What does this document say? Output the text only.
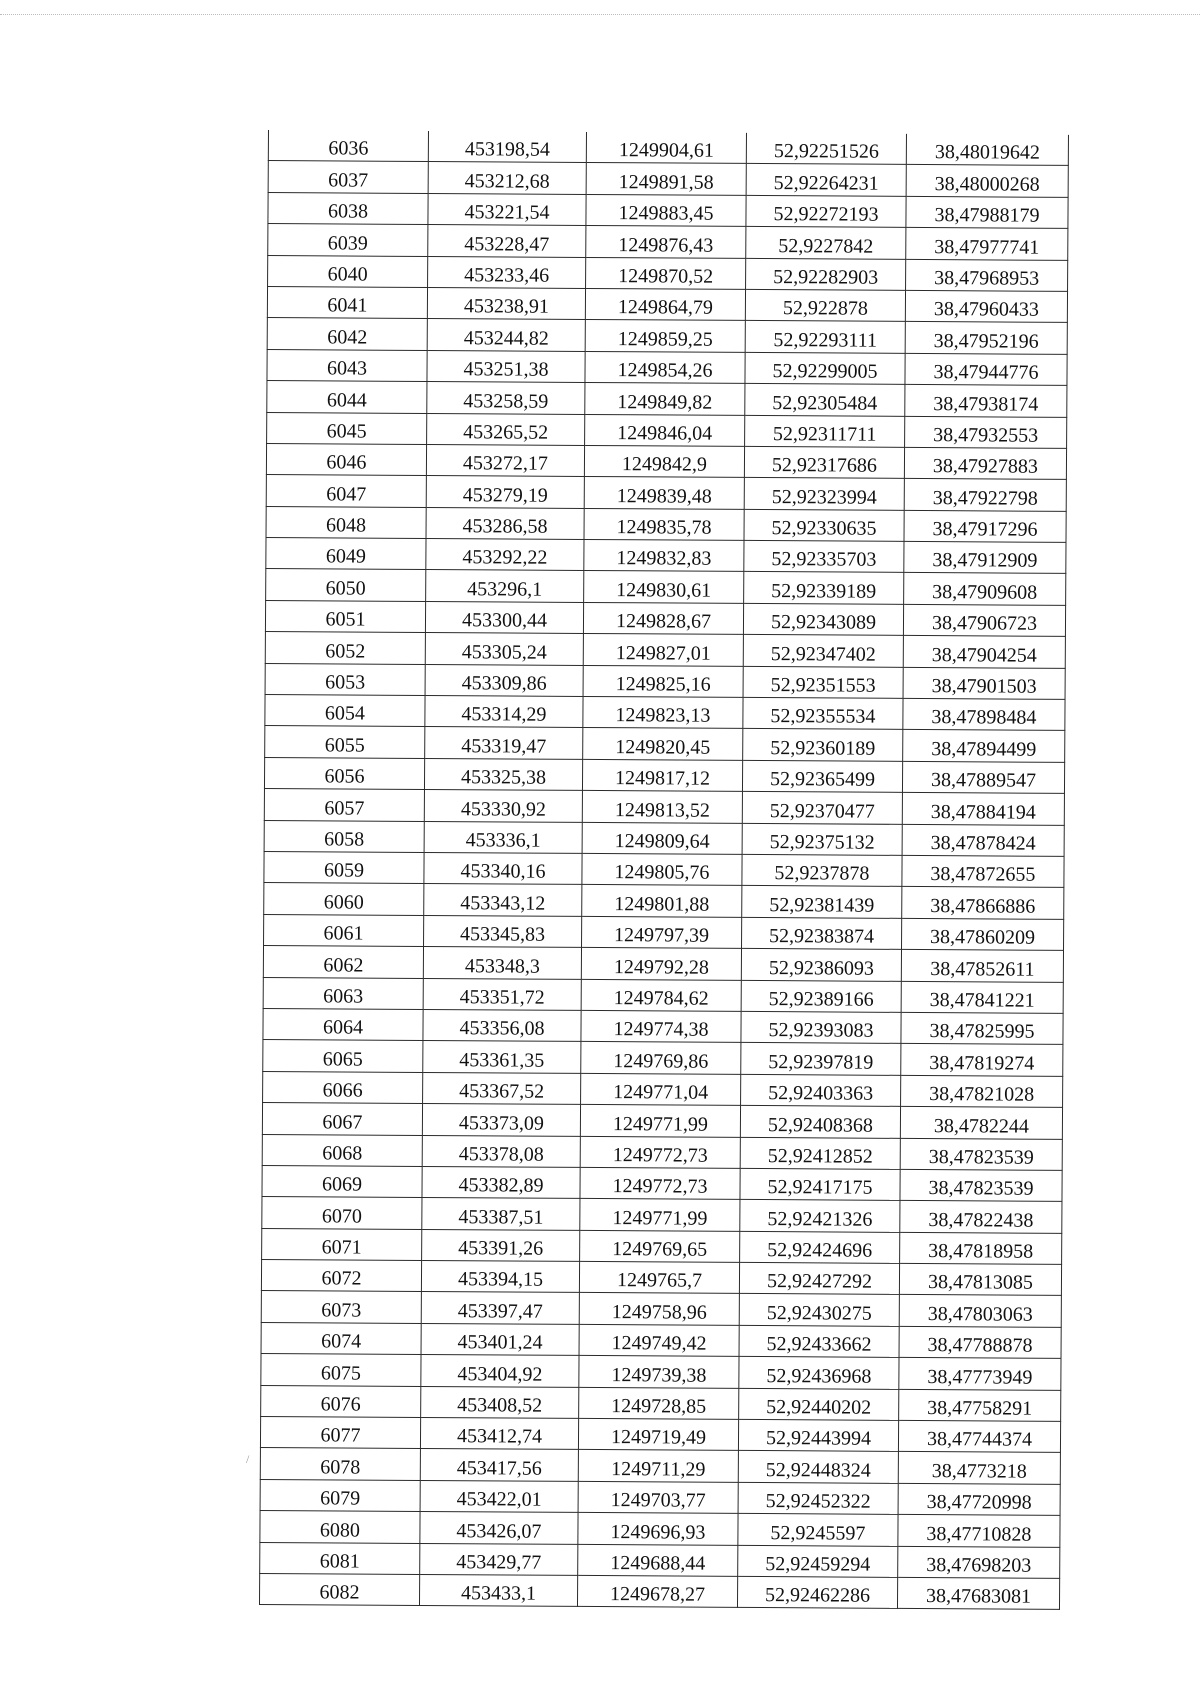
/
6036	453198,54	1249904,61	52,92251526	38,48019642
6037	453212,68	1249891,58	52,92264231	38,48000268
6038	453221,54	1249883,45	52,92272193	38,47988179
6039	453228,47	1249876,43	52,9227842	38,47977741
6040	453233,46	1249870,52	52,92282903	38,47968953
6041	453238,91	1249864,79	52,922878	38,47960433
6042	453244,82	1249859,25	52,92293111	38,47952196
6043	453251,38	1249854,26	52,92299005	38,47944776
6044	453258,59	1249849,82	52,92305484	38,47938174
6045	453265,52	1249846,04	52,92311711	38,47932553
6046	453272,17	1249842,9	52,92317686	38,47927883
6047	453279,19	1249839,48	52,92323994	38,47922798
6048	453286,58	1249835,78	52,92330635	38,47917296
6049	453292,22	1249832,83	52,92335703	38,47912909
6050	453296,1	1249830,61	52,92339189	38,47909608
6051	453300,44	1249828,67	52,92343089	38,47906723
6052	453305,24	1249827,01	52,92347402	38,47904254
6053	453309,86	1249825,16	52,92351553	38,47901503
6054	453314,29	1249823,13	52,92355534	38,47898484
6055	453319,47	1249820,45	52,92360189	38,47894499
6056	453325,38	1249817,12	52,92365499	38,47889547
6057	453330,92	1249813,52	52,92370477	38,47884194
6058	453336,1	1249809,64	52,92375132	38,47878424
6059	453340,16	1249805,76	52,9237878	38,47872655
6060	453343,12	1249801,88	52,92381439	38,47866886
6061	453345,83	1249797,39	52,92383874	38,47860209
6062	453348,3	1249792,28	52,92386093	38,47852611
6063	453351,72	1249784,62	52,92389166	38,47841221
6064	453356,08	1249774,38	52,92393083	38,47825995
6065	453361,35	1249769,86	52,92397819	38,47819274
6066	453367,52	1249771,04	52,92403363	38,47821028
6067	453373,09	1249771,99	52,92408368	38,4782244
6068	453378,08	1249772,73	52,92412852	38,47823539
6069	453382,89	1249772,73	52,92417175	38,47823539
6070	453387,51	1249771,99	52,92421326	38,47822438
6071	453391,26	1249769,65	52,92424696	38,47818958
6072	453394,15	1249765,7	52,92427292	38,47813085
6073	453397,47	1249758,96	52,92430275	38,47803063
6074	453401,24	1249749,42	52,92433662	38,47788878
6075	453404,92	1249739,38	52,92436968	38,47773949
6076	453408,52	1249728,85	52,92440202	38,47758291
6077	453412,74	1249719,49	52,92443994	38,47744374
6078	453417,56	1249711,29	52,92448324	38,4773218
6079	453422,01	1249703,77	52,92452322	38,47720998
6080	453426,07	1249696,93	52,9245597	38,47710828
6081	453429,77	1249688,44	52,92459294	38,47698203
6082	453433,1	1249678,27	52,92462286	38,47683081
